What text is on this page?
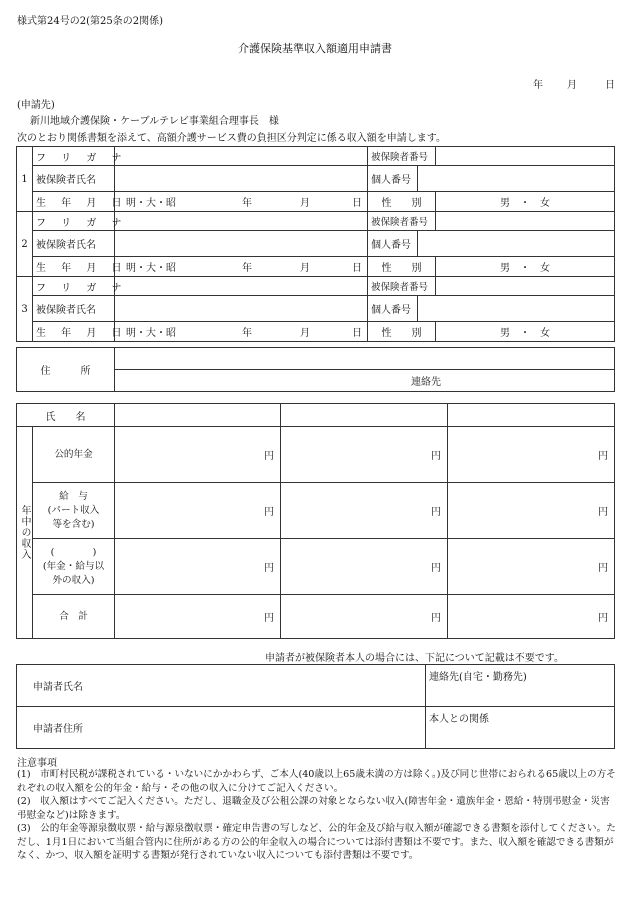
様式第24号の2(第25条の2関係)
介護保険基準収入額適用申請書
年 月	日
(申請先)
新川地域介護保険・ケーブルテレビ事業組合理事長　様
次のとおり関係書類を添えて、高額介護サービス費の負担区分判定に係る収入額を申請します。
1	フ リ ガ ナ		被保険者番号		

	被保険者氏名		個人番号		

	生 年 月 日	明・大・昭 年 月 日	性　　別		男　・　女
2	フ リ ガ ナ		被保険者番号		

	被保険者氏名		個人番号		

	生 年 月 日	明・大・昭 年 月 日	性　　別		男　・　女
3	フ リ ガ ナ		被保険者番号		

	被保険者氏名		個人番号		

	生 年 月 日	明・大・昭 年 月 日	性　　別		男　・　女
住　　　所	
連絡先
氏　　名				

年中の収入	公的年金	円	円	円

	給　与
(パート収入
等を含む)	円	円	円

	(　　　　)
(年金・給与以
外の収入)	円	円	円

	合　計	円	円	円
申請者が被保険者本人の場合には、下記について記載は不要です。
申請者氏名	連絡先(自宅・勤務先)
申請者住所	本人との関係
注意事項
(1)　市町村民税が課税されている・いないにかかわらず、ご本人(40歳以上65歳未満の方は除く。)及び同じ世帯におられる65歳以上の方それぞれの収入額を公的年金・給与・その他の収入に分けてご記入ください。
(2)　収入額はすべてご記入ください。ただし、退職金及び公租公課の対象とならない収入(障害年金・遺族年金・恩給・特別弔慰金・災害弔慰金など)は除きます。
(3)　公的年金等源泉徴収票・給与源泉徴収票・確定申告書の写しなど、公的年金及び給与収入額が確認できる書類を添付してください。ただし、1月1日において当組合管内に住所がある方の公的年金収入の場合については添付書類は不要です。また、収入額を確認できる書類がなく、かつ、収入額を証明する書類が発行されていない収入についても添付書類は不要です。
